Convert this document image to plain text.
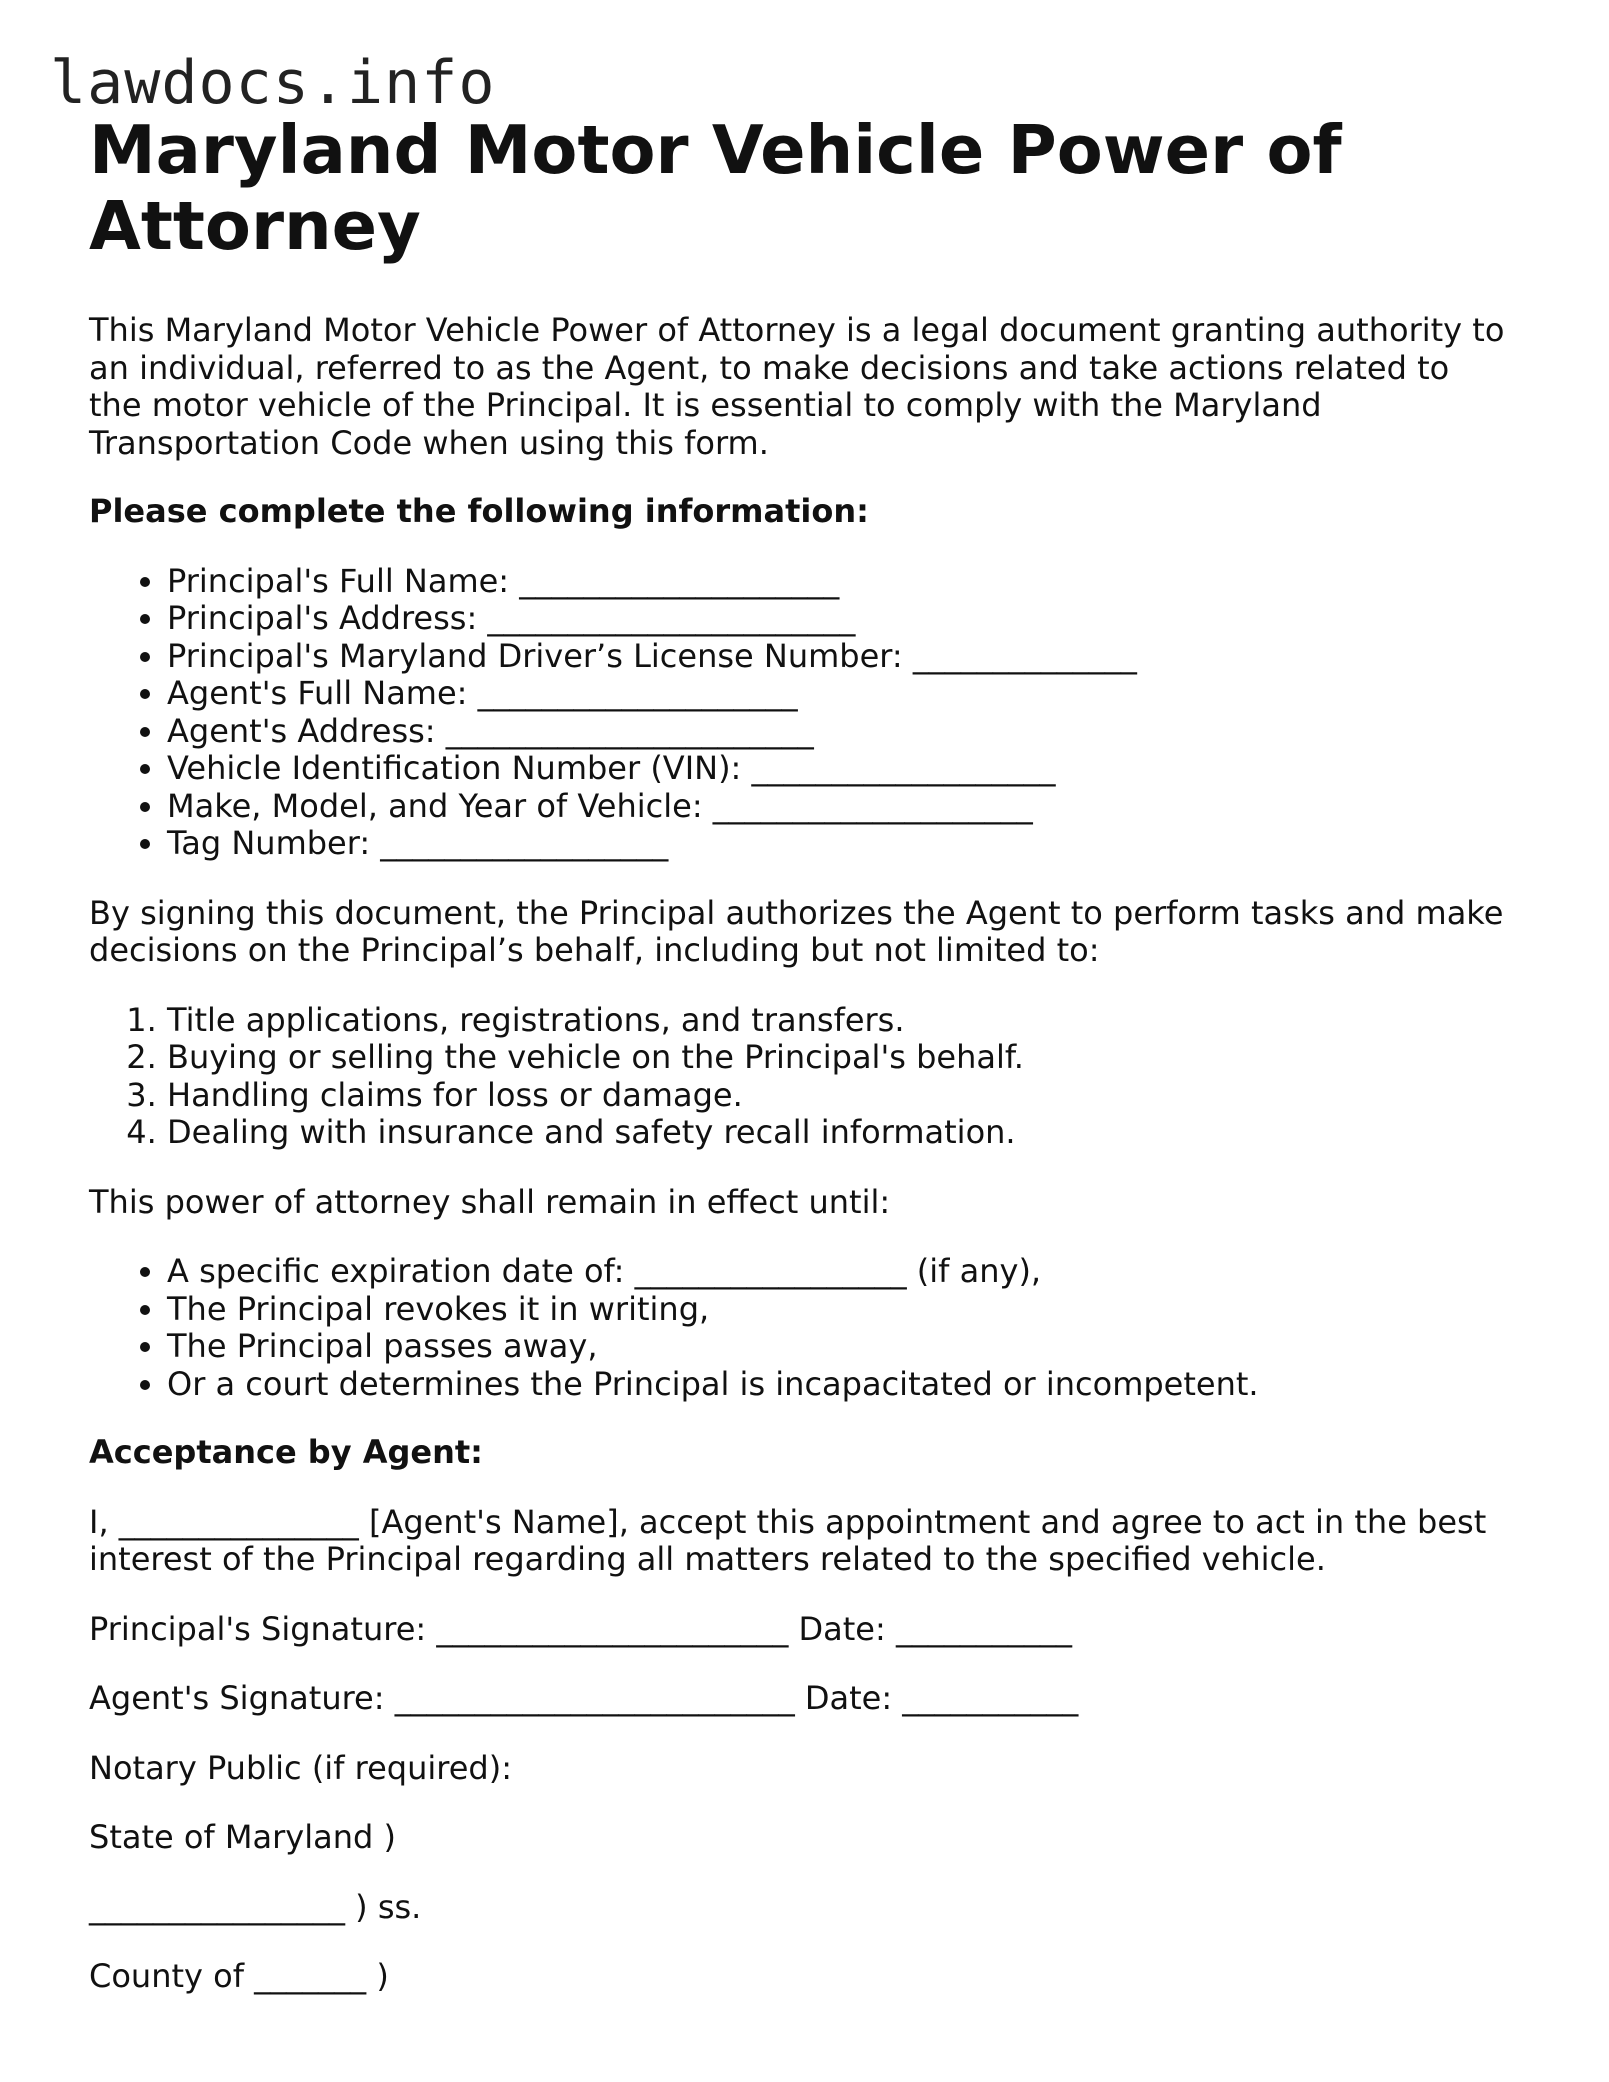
lawdocs.info
Maryland Motor Vehicle Power of Attorney

This Maryland Motor Vehicle Power of Attorney is a legal document granting authority to an individual, referred to as the Agent, to make decisions and take actions related to the motor vehicle of the Principal. It is essential to comply with the Maryland Transportation Code when using this form.

Please complete the following information:

• Principal's Full Name: ____________________
• Principal's Address: _______________________
• Principal's Maryland Driver’s License Number: ______________
• Agent's Full Name: ____________________
• Agent's Address: _______________________
• Vehicle Identification Number (VIN): ___________________
• Make, Model, and Year of Vehicle: ____________________
• Tag Number: __________________

By signing this document, the Principal authorizes the Agent to perform tasks and make decisions on the Principal’s behalf, including but not limited to:

1. Title applications, registrations, and transfers.
2. Buying or selling the vehicle on the Principal's behalf.
3. Handling claims for loss or damage.
4. Dealing with insurance and safety recall information.

This power of attorney shall remain in effect until:

• A specific expiration date of: _________________ (if any),
• The Principal revokes it in writing,
• The Principal passes away,
• Or a court determines the Principal is incapacitated or incompetent.

Acceptance by Agent:

I, _______________ [Agent's Name], accept this appointment and agree to act in the best interest of the Principal regarding all matters related to the specified vehicle.

Principal's Signature: ______________________ Date: ___________

Agent's Signature: _________________________ Date: ___________

Notary Public (if required):

State of Maryland )

________________ ) ss.

County of _______ )
